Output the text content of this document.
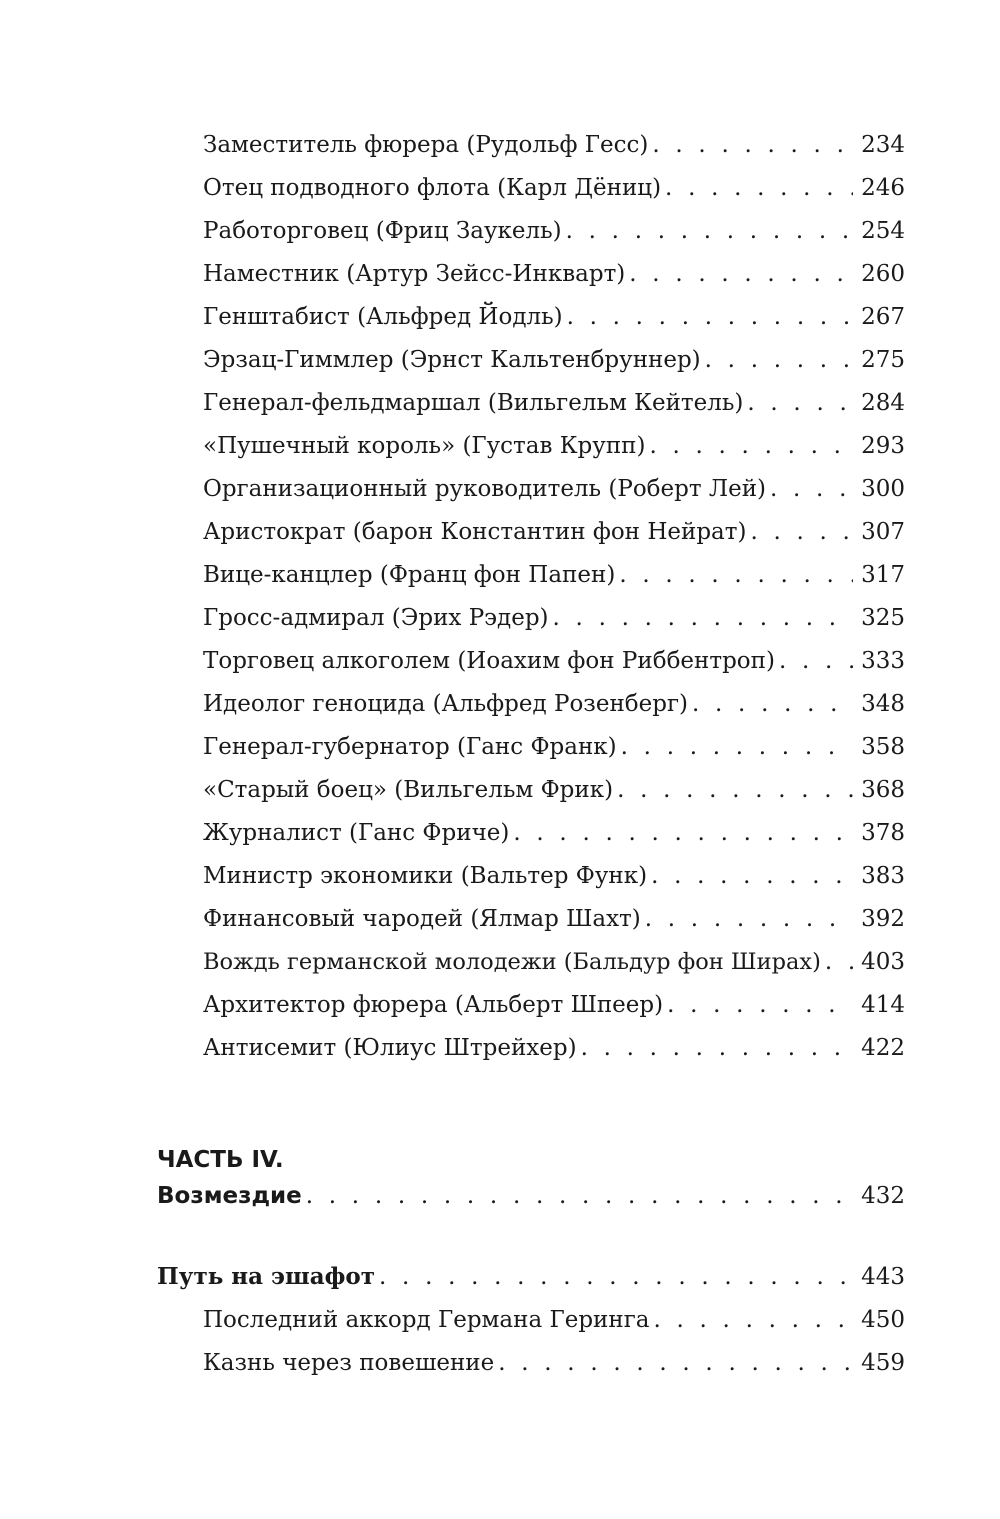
Заместитель фюрера (Рудольф Гесс) . . .	234
Отец подводного флота (Карл Дёниц) . . .	246
Работорговец (Фриц Заукель) . . .	254
Наместник (Артур Зейсс-Инкварт) . . .	260
Генштабист (Альфред Йодль) . . .	267
Эрзац-Гиммлер (Эрнст Кальтенбруннер) . . .	275
Генерал-фельдмаршал (Вильгельм Кейтель) . . .	284
«Пушечный король» (Густав Крупп) . . .	293
Организационный руководитель (Роберт Лей) . . .	300
Аристократ (барон Константин фон Нейрат) . . .	307
Вице-канцлер (Франц фон Папен) . . .	317
Гросс-адмирал (Эрих Рэдер) . . .	325
Торговец алкоголем (Иоахим фон Риббентроп) . . .	333
Идеолог геноцида (Альфред Розенберг) . . .	348
Генерал-губернатор (Ганс Франк) . . .	358
«Старый боец» (Вильгельм Фрик) . . .	368
Журналист (Ганс Фриче) . . .	378
Министр экономики (Вальтер Функ) . . .	383
Финансовый чародей (Ялмар Шахт) . . .	392
Вождь германской молодежи (Бальдур фон Ширах) . . . 403
Архитектор фюрера (Альберт Шпеер) . . .	414
Антисемит (Юлиус Штрейхер) . . .	422
ЧАСТЬ IV.
Возмездие . . .	432
Путь на эшафот . . .	443
Последний аккорд Германа Геринга . . .	450
Казнь через повешение . . .	459
